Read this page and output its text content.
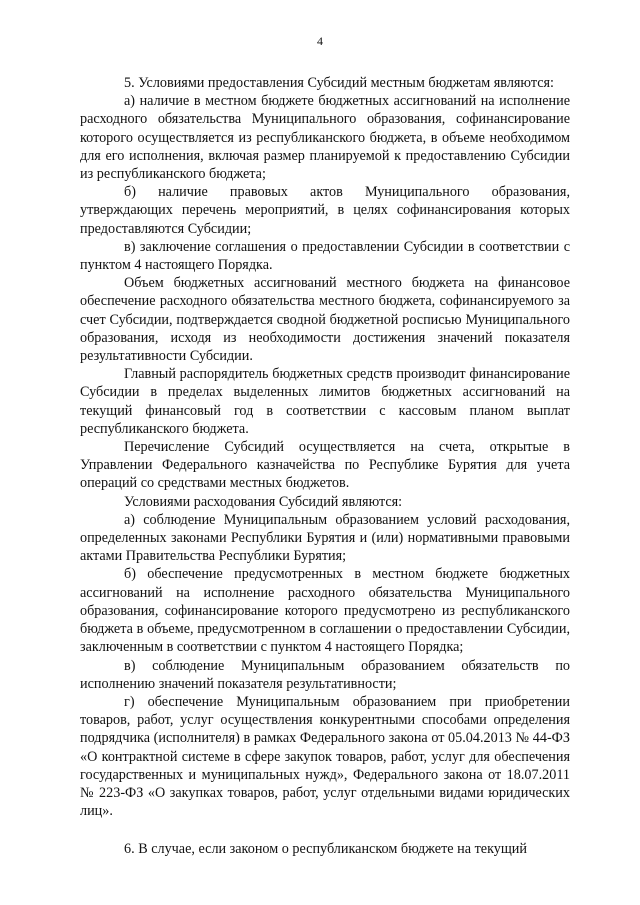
4

5. Условиями предоставления Субсидий местным бюджетам являются:

а) наличие в местном бюджете бюджетных ассигнований на исполнение расходного обязательства Муниципального образования, софинансирование которого осуществляется из республиканского бюджета, в объеме необходимом для его исполнения, включая размер планируемой к предоставлению Субсидии из республиканского бюджета;

б) наличие правовых актов Муниципального образования, утверждающих перечень мероприятий, в целях софинансирования которых предоставляются Субсидии;

в) заключение соглашения о предоставлении Субсидии в соответствии с пунктом 4 настоящего Порядка.

Объем бюджетных ассигнований местного бюджета на финансовое обеспечение расходного обязательства местного бюджета, софинансируемого за счет Субсидии, подтверждается сводной бюджетной росписью Муниципального образования, исходя из необходимости достижения значений показателя результативности Субсидии.

Главный распорядитель бюджетных средств производит финансирование Субсидии в пределах выделенных лимитов бюджетных ассигнований на текущий финансовый год в соответствии с кассовым планом выплат республиканского бюджета.

Перечисление Субсидий осуществляется на счета, открытые в Управлении Федерального казначейства по Республике Бурятия для учета операций со средствами местных бюджетов.

Условиями расходования Субсидий являются:

а) соблюдение Муниципальным образованием условий расходования, определенных законами Республики Бурятия и (или) нормативными правовыми актами Правительства Республики Бурятия;

б) обеспечение предусмотренных в местном бюджете бюджетных ассигнований на исполнение расходного обязательства Муниципального образования, софинансирование которого предусмотрено из республиканского бюджета в объеме, предусмотренном в соглашении о предоставлении Субсидии, заключенным в соответствии с пунктом 4 настоящего Порядка;

в) соблюдение Муниципальным образованием обязательств по исполнению значений показателя результативности;

г) обеспечение Муниципальным образованием при приобретении товаров, работ, услуг осуществления конкурентными способами определения подрядчика (исполнителя) в рамках Федерального закона от 05.04.2013 № 44-ФЗ «О контрактной системе в сфере закупок товаров, работ, услуг для обеспечения государственных и муниципальных нужд», Федерального закона от 18.07.2011 № 223-ФЗ «О закупках товаров, работ, услуг отдельными видами юридических лиц».

6. В случае, если законом о республиканском бюджете на текущий
